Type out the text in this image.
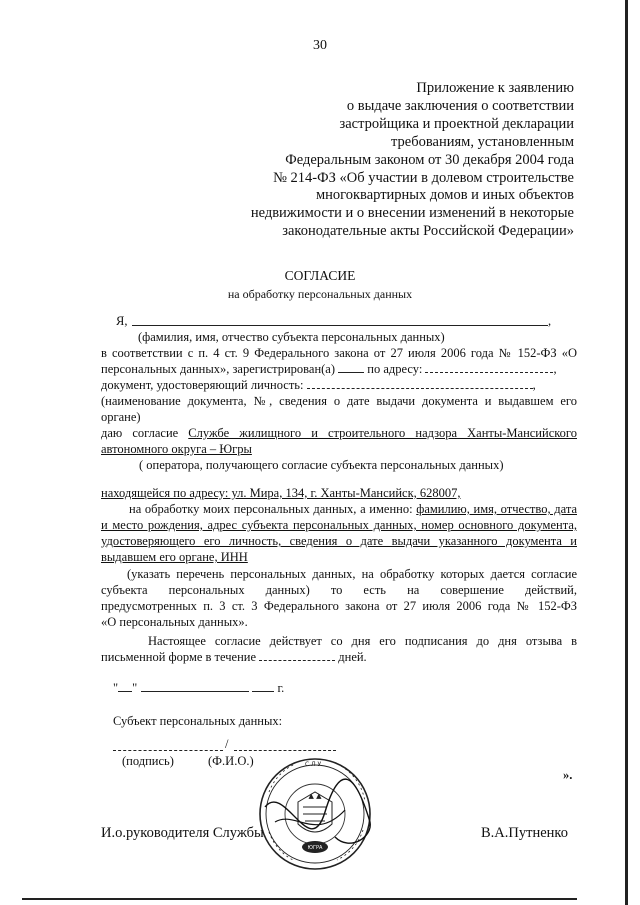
30
Приложение к заявлению
о выдаче заключения о соответствии
застройщика и проектной декларации
требованиям, установленным
Федеральным законом от 30 декабря 2004 года
№ 214-ФЗ «Об участии в долевом строительстве
многоквартирных домов и иных объектов
недвижимости и о внесении изменений в некоторые
законодательные акты Российской Федерации»
СОГЛАСИЕ
на обработку персональных данных
Я,	,
(фамилия, имя, отчество субъекта персональных данных)
в соответствии с п. 4 ст. 9 Федерального закона от 27 июля 2006 года № 152-ФЗ «О
персональных данных», зарегистрирован(а)	по адресу:	,
документ, удостоверяющий личность:	,
(наименование документа, №, сведения о дате выдачи документа и выдавшем его
органе)
даю согласие Службе жилищного и строительного надзора Ханты-Мансийского
автономного округа – Югры
( оператора, получающего согласие субъекта персональных данных)
находящейся по адресу: ул. Мира, 134, г. Ханты-Мансийск, 628007,
на обработку моих персональных данных, а именно: фамилию, имя, отчество, дата
и место рождения, адрес субъекта персональных данных, номер основного документа,
удостоверяющего его личность, сведения о дате выдачи указанного документа и
выдавшем его органе, ИНН
(указать перечень персональных данных, на обработку которых дается согласие
субъекта персональных данных) то есть на совершение действий,
предусмотренных п. 3 ст. 3 Федерального закона от 27 июля 2006 года № 152-ФЗ
«О персональных данных».
Настоящее согласие действует со дня его подписания до дня отзыва в
письменной форме в течение	дней.
" "	г.
Субъект персональных данных:
/
(подпись)	(Ф.И.О.)
».
С Л У
▲ ▲
ЮГРА
И.о.руководителя Службы	В.А.Путненко
